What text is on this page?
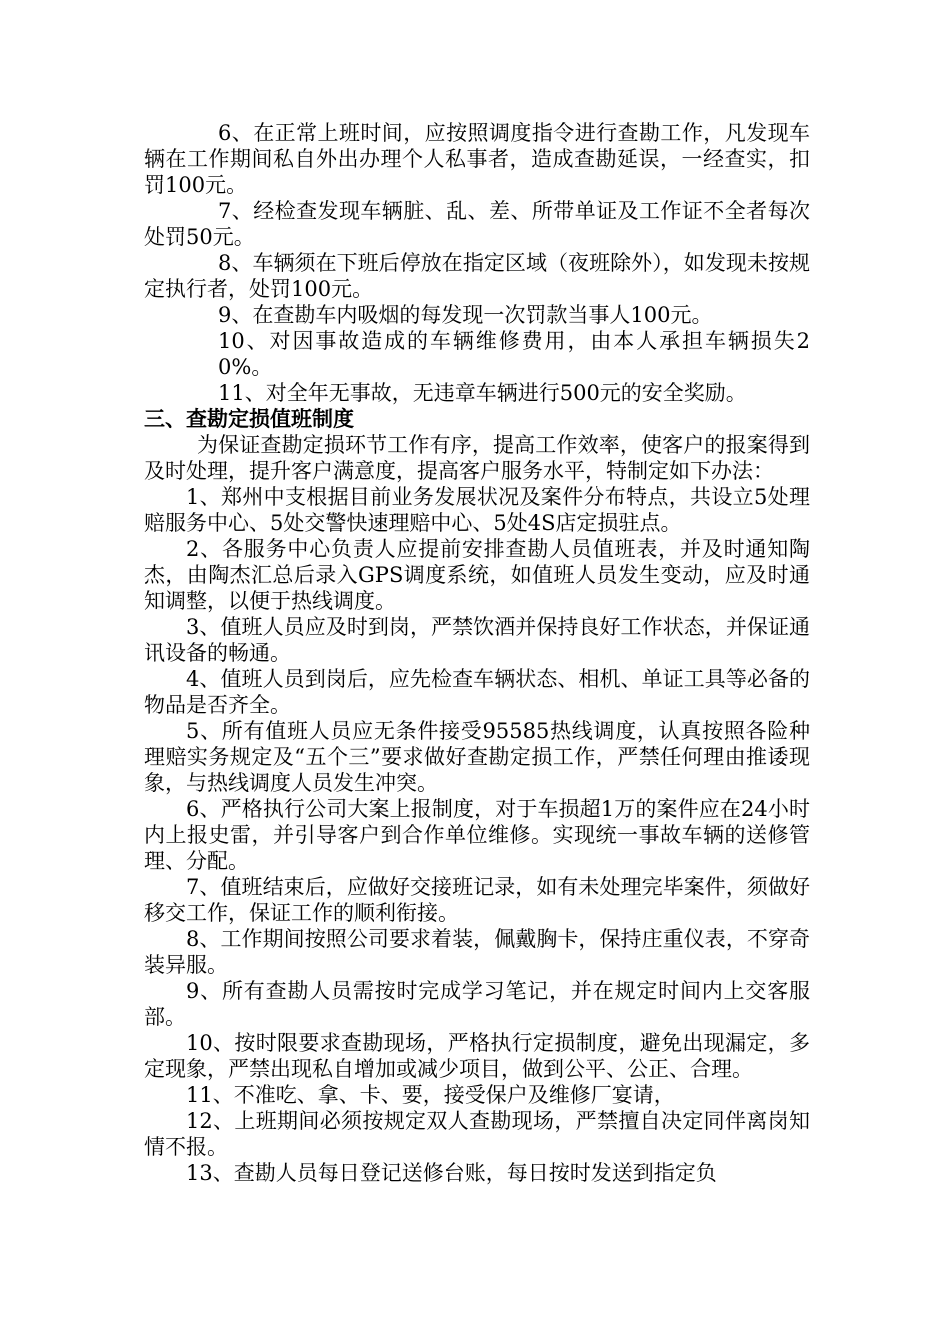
6、在正常上班时间，应按照调度指令进行查勘工作，凡发现车辆在工作期间私自外出办理个人私事者，造成查勘延误，一经查实，扣罚100元。

7、经检查发现车辆脏、乱、差、所带单证及工作证不全者每次处罚50元。

8、车辆须在下班后停放在指定区域（夜班除外），如发现未按规定执行者，处罚100元。

9、在查勘车内吸烟的每发现一次罚款当事人100元。

10、对因事故造成的车辆维修费用，由本人承担车辆损失20%。

11、对全年无事故，无违章车辆进行500元的安全奖励。

三、查勘定损值班制度

为保证查勘定损环节工作有序，提高工作效率，使客户的报案得到及时处理，提升客户满意度，提高客户服务水平，特制定如下办法：

1、郑州中支根据目前业务发展状况及案件分布特点，共设立5处理赔服务中心、5处交警快速理赔中心、5处4S店定损驻点。

2、各服务中心负责人应提前安排查勘人员值班表，并及时通知陶杰，由陶杰汇总后录入GPS调度系统，如值班人员发生变动，应及时通知调整，以便于热线调度。

3、值班人员应及时到岗，严禁饮酒并保持良好工作状态，并保证通讯设备的畅通。

4、值班人员到岗后，应先检查车辆状态、相机、单证工具等必备的物品是否齐全。

5、所有值班人员应无条件接受95585热线调度，认真按照各险种理赔实务规定及“五个三”要求做好查勘定损工作，严禁任何理由推诿现象，与热线调度人员发生冲突。

6、严格执行公司大案上报制度，对于车损超1万的案件应在24小时内上报史雷，并引导客户到合作单位维修。实现统一事故车辆的送修管理、分配。

7、值班结束后，应做好交接班记录，如有未处理完毕案件，须做好移交工作，保证工作的顺利衔接。

8、工作期间按照公司要求着装，佩戴胸卡，保持庄重仪表，不穿奇装异服。

9、所有查勘人员需按时完成学习笔记，并在规定时间内上交客服部。

10、按时限要求查勘现场，严格执行定损制度，避免出现漏定，多定现象，严禁出现私自增加或减少项目，做到公平、公正、合理。

11、不准吃、拿、卡、要，接受保户及维修厂宴请，

12、上班期间必须按规定双人查勘现场，严禁擅自决定同伴离岗知情不报。

13、查勘人员每日登记送修台账，每日按时发送到指定负
